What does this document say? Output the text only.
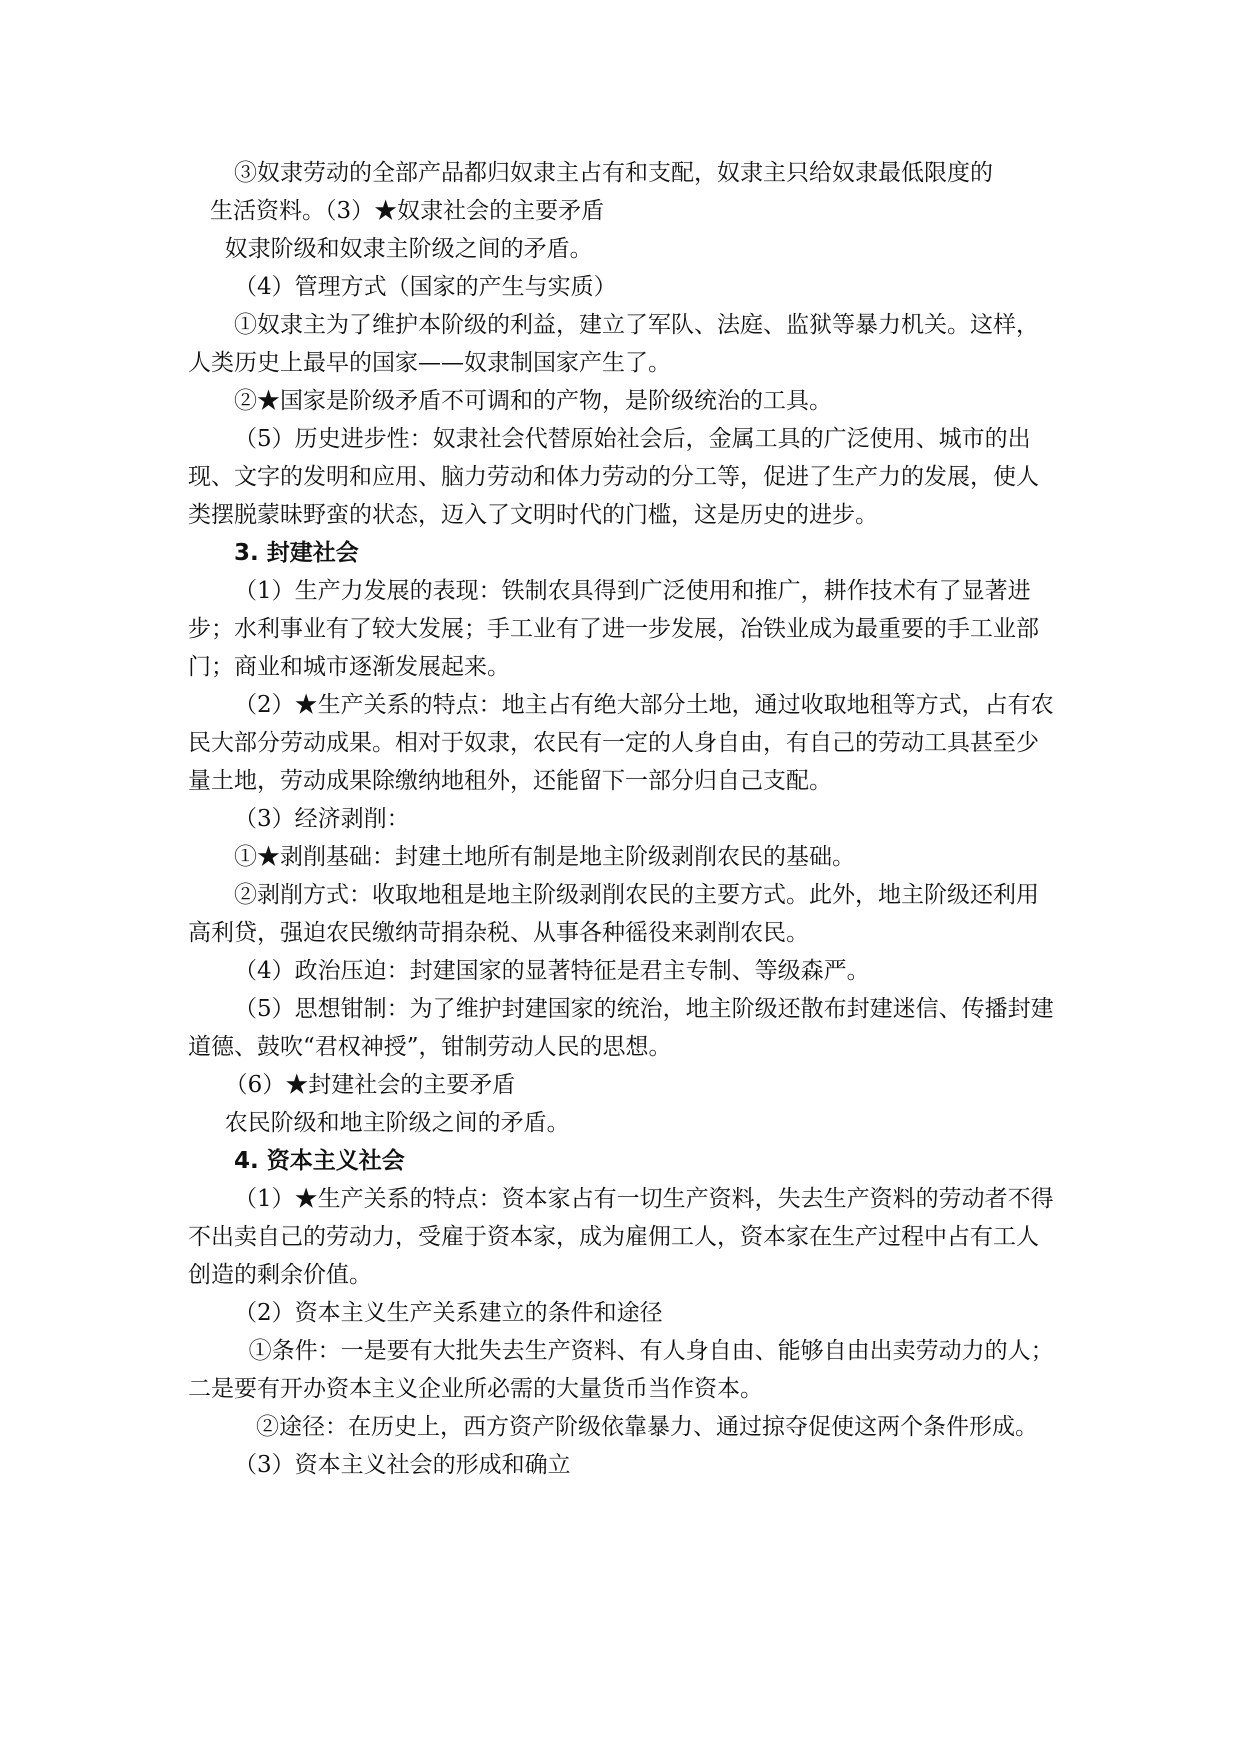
③奴隶劳动的全部产品都归奴隶主占有和支配，奴隶主只给奴隶最低限度的

生活资料。（3）★奴隶社会的主要矛盾

奴隶阶级和奴隶主阶级之间的矛盾。

（4）管理方式（国家的产生与实质）

①奴隶主为了维护本阶级的利益，建立了军队、法庭、监狱等暴力机关。这样，人类历史上最早的国家——奴隶制国家产生了。

②★国家是阶级矛盾不可调和的产物，是阶级统治的工具。

（5）历史进步性：奴隶社会代替原始社会后，金属工具的广泛使用、城市的出现、文字的发明和应用、脑力劳动和体力劳动的分工等，促进了生产力的发展，使人类摆脱蒙昧野蛮的状态，迈入了文明时代的门槛，这是历史的进步。

3. 封建社会

（1）生产力发展的表现：铁制农具得到广泛使用和推广，耕作技术有了显著进步；水利事业有了较大发展；手工业有了进一步发展，冶铁业成为最重要的手工业部门；商业和城市逐渐发展起来。

（2）★生产关系的特点：地主占有绝大部分土地，通过收取地租等方式，占有农民大部分劳动成果。相对于奴隶，农民有一定的人身自由，有自己的劳动工具甚至少量土地，劳动成果除缴纳地租外，还能留下一部分归自己支配。

（3）经济剥削：

①★剥削基础：封建土地所有制是地主阶级剥削农民的基础。

②剥削方式：收取地租是地主阶级剥削农民的主要方式。此外，地主阶级还利用高利贷，强迫农民缴纳苛捐杂税、从事各种徭役来剥削农民。

（4）政治压迫：封建国家的显著特征是君主专制、等级森严。

（5）思想钳制：为了维护封建国家的统治，地主阶级还散布封建迷信、传播封建道德、鼓吹“君权神授”，钳制劳动人民的思想。

（6）★封建社会的主要矛盾

农民阶级和地主阶级之间的矛盾。

4. 资本主义社会

（1）★生产关系的特点：资本家占有一切生产资料，失去生产资料的劳动者不得不出卖自己的劳动力，受雇于资本家，成为雇佣工人，资本家在生产过程中占有工人创造的剩余价值。

（2）资本主义生产关系建立的条件和途径

①条件：一是要有大批失去生产资料、有人身自由、能够自由出卖劳动力的人；二是要有开办资本主义企业所必需的大量货币当作资本。

②途径：在历史上，西方资产阶级依靠暴力、通过掠夺促使这两个条件形成。

（3）资本主义社会的形成和确立
